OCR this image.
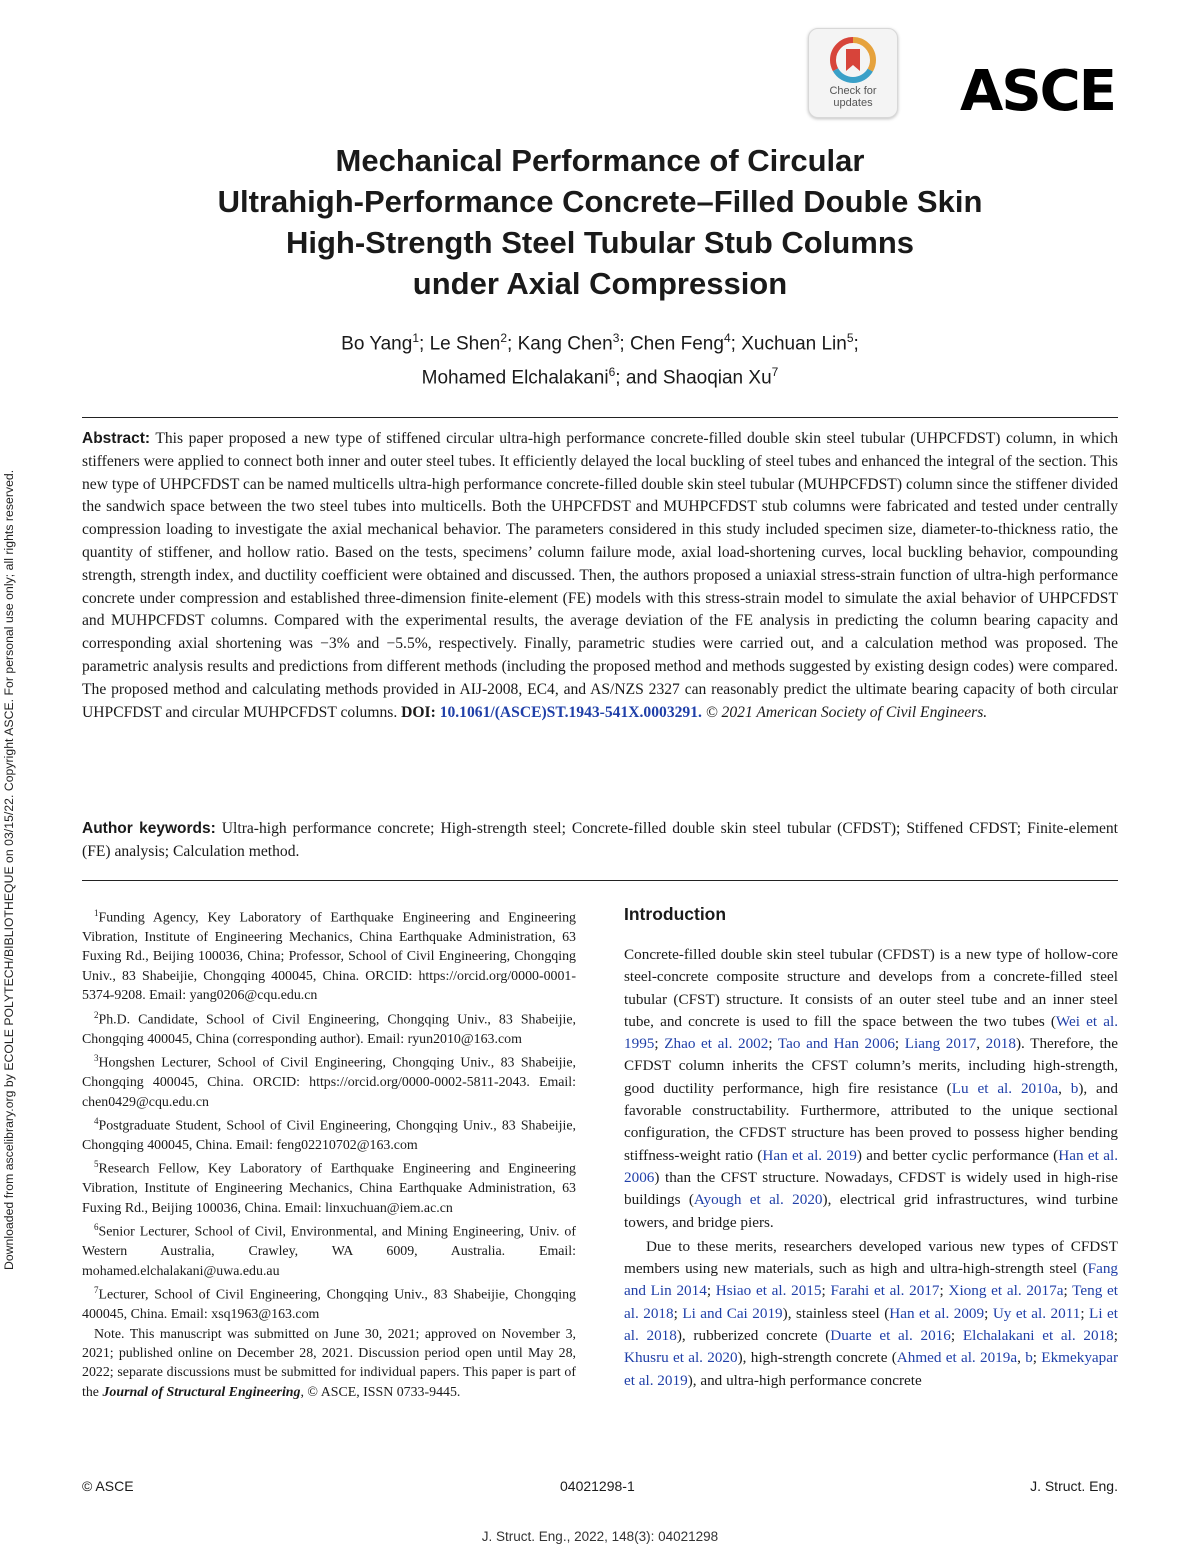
Downloaded from ascelibrary.org by ECOLE POLYTECH/BIBLIOTHEQUE on 03/15/22. Copyright ASCE. For personal use only; all rights reserved.
Check for
updates	ASCE
Mechanical Performance of Circular
Ultrahigh-Performance Concrete–Filled Double Skin
High-Strength Steel Tubular Stub Columns
under Axial Compression
Bo Yang$^1$; Le Shen$^2$; Kang Chen$^3$; Chen Feng$^4$; Xuchuan Lin$^5$;
Mohamed Elchalakani$^6$; and Shaoqian Xu$^7$

Abstract: This paper proposed a new type of stiffened circular ultra-high performance concrete-filled double skin steel tubular (UHPCFDST) column, in which stiffeners were applied to connect both inner and outer steel tubes. It efficiently delayed the local buckling of steel tubes and enhanced the integral of the section. This new type of UHPCFDST can be named multicells ultra-high performance concrete-filled double skin steel tubular (MUHPCFDST) column since the stiffener divided the sandwich space between the two steel tubes into multicells. Both the UHPCFDST and MUHPCFDST stub columns were fabricated and tested under centrally compression loading to investigate the axial mechanical behavior. The parameters considered in this study included specimen size, diameter-to-thickness ratio, the quantity of stiffener, and hollow ratio. Based on the tests, specimens’ column failure mode, axial load-shortening curves, local buckling behavior, compounding strength, strength index, and ductility coefficient were obtained and discussed. Then, the authors proposed a uniaxial stress-strain function of ultra-high performance concrete under compression and established three-dimension finite-element (FE) models with this stress-strain model to simulate the axial behavior of UHPCFDST and MUHPCFDST columns. Compared with the experimental results, the average deviation of the FE analysis in predicting the column bearing capacity and corresponding axial shortening was −3% and −5.5%, respectively. Finally, parametric studies were carried out, and a calculation method was proposed. The parametric analysis results and predictions from different methods (including the proposed method and methods suggested by existing design codes) were compared. The proposed method and calculating methods provided in AIJ-2008, EC4, and AS/NZS 2327 can reasonably predict the ultimate bearing capacity of both circular UHPCFDST and circular MUHPCFDST columns. DOI: 10.1061/(ASCE)ST.1943-541X.0003291. © 2021 American Society of Civil Engineers.

Author keywords: Ultra-high performance concrete; High-strength steel; Concrete-filled double skin steel tubular (CFDST); Stiffened CFDST; Finite-element (FE) analysis; Calculation method.

$^1$Funding Agency, Key Laboratory of Earthquake Engineering and Engineering Vibration, Institute of Engineering Mechanics, China Earthquake Administration, 63 Fuxing Rd., Beijing 100036, China; Professor, School of Civil Engineering, Chongqing Univ., 83 Shabeijie, Chongqing 400045, China. ORCID: https://orcid.org/0000-0001-5374-9208. Email: yang0206@cqu.edu.cn

$^2$Ph.D. Candidate, School of Civil Engineering, Chongqing Univ., 83 Shabeijie, Chongqing 400045, China (corresponding author). Email: ryun2010@163.com

$^3$Hongshen Lecturer, School of Civil Engineering, Chongqing Univ., 83 Shabeijie, Chongqing 400045, China. ORCID: https://orcid.org/0000-0002-5811-2043. Email: chen0429@cqu.edu.cn

$^4$Postgraduate Student, School of Civil Engineering, Chongqing Univ., 83 Shabeijie, Chongqing 400045, China. Email: feng02210702@163.com

$^5$Research Fellow, Key Laboratory of Earthquake Engineering and Engineering Vibration, Institute of Engineering Mechanics, China Earthquake Administration, 63 Fuxing Rd., Beijing 100036, China. Email: linxuchuan@iem.ac.cn

$^6$Senior Lecturer, School of Civil, Environmental, and Mining Engineering, Univ. of Western Australia, Crawley, WA 6009, Australia. Email: mohamed.elchalakani@uwa.edu.au

$^7$Lecturer, School of Civil Engineering, Chongqing Univ., 83 Shabeijie, Chongqing 400045, China. Email: xsq1963@163.com

Note. This manuscript was submitted on June 30, 2021; approved on November 3, 2021; published online on December 28, 2021. Discussion period open until May 28, 2022; separate discussions must be submitted for individual papers. This paper is part of the Journal of Structural Engineering, © ASCE, ISSN 0733-9445.

Introduction

Concrete-filled double skin steel tubular (CFDST) is a new type of hollow-core steel-concrete composite structure and develops from a concrete-filled steel tubular (CFST) structure. It consists of an outer steel tube and an inner steel tube, and concrete is used to fill the space between the two tubes (Wei et al. 1995; Zhao et al. 2002; Tao and Han 2006; Liang 2017, 2018). Therefore, the CFDST column inherits the CFST column’s merits, including high-strength, good ductility performance, high fire resistance (Lu et al. 2010a, b), and favorable constructability. Furthermore, attributed to the unique sectional configuration, the CFDST structure has been proved to possess higher bending stiffness-weight ratio (Han et al. 2019) and better cyclic performance (Han et al. 2006) than the CFST structure. Nowadays, CFDST is widely used in high-rise buildings (Ayough et al. 2020), electrical grid infrastructures, wind turbine towers, and bridge piers.

Due to these merits, researchers developed various new types of CFDST members using new materials, such as high and ultra-high-strength steel (Fang and Lin 2014; Hsiao et al. 2015; Farahi et al. 2017; Xiong et al. 2017a; Teng et al. 2018; Li and Cai 2019), stainless steel (Han et al. 2009; Uy et al. 2011; Li et al. 2018), rubberized concrete (Duarte et al. 2016; Elchalakani et al. 2018; Khusru et al. 2020), high-strength concrete (Ahmed et al. 2019a, b; Ekmekyapar et al. 2019), and ultra-high performance concrete

© ASCE	04021298-1	J. Struct. Eng.
J. Struct. Eng., 2022, 148(3): 04021298
